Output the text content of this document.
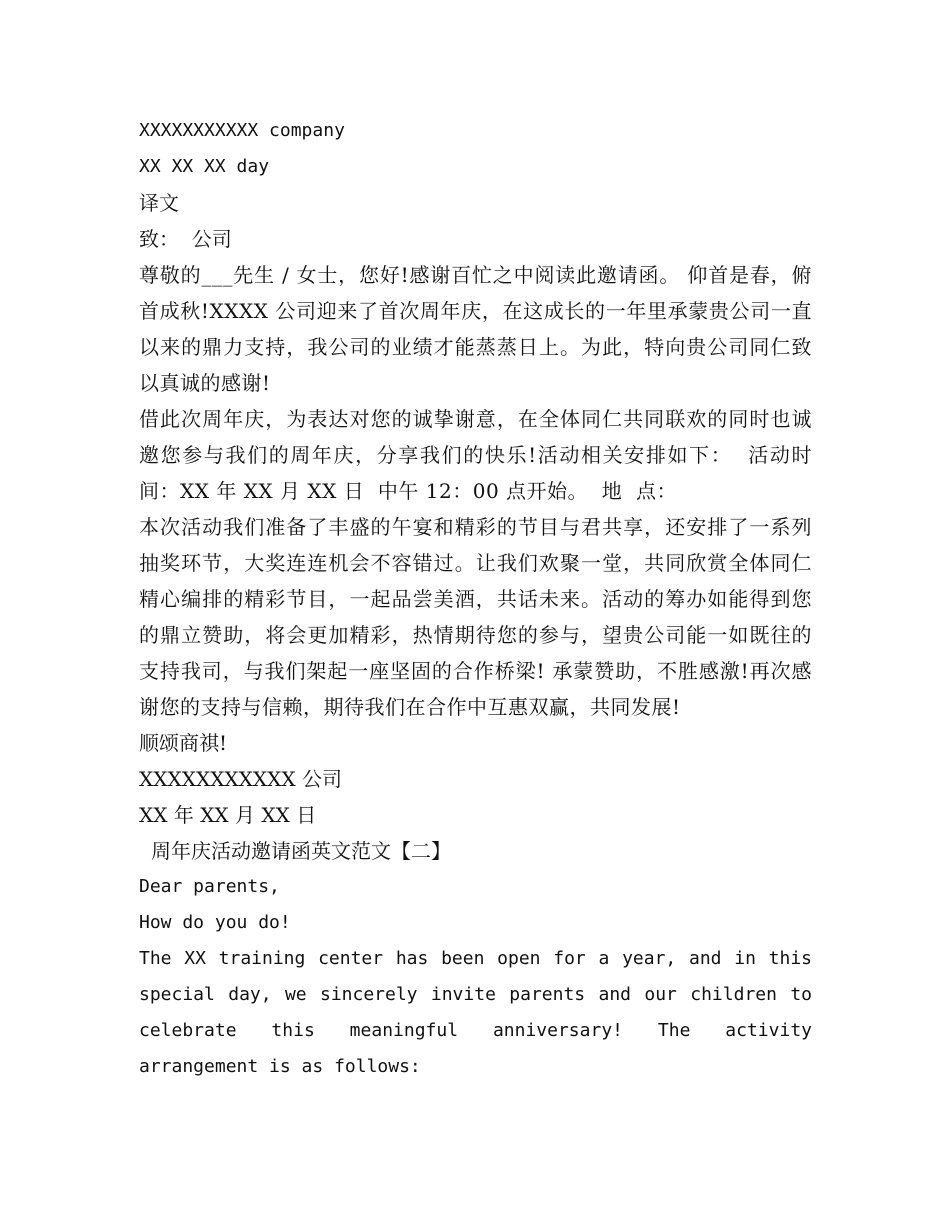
XXXXXXXXXXX company
XX XX XX day
译文
致：  公司
尊敬的___先生 / 女士，您好!感谢百忙之中阅读此邀请函。 仰首是春，俯首成秋!XXXX 公司迎来了首次周年庆，在这成长的一年里承蒙贵公司一直以来的鼎力支持，我公司的业绩才能蒸蒸日上。为此，特向贵公司同仁致以真诚的感谢!
借此次周年庆，为表达对您的诚挚谢意，在全体同仁共同联欢的同时也诚邀您参与我们的周年庆，分享我们的快乐!活动相关安排如下：  活动时间：XX 年 XX 月 XX 日  中午 12：00 点开始。  地  点：
本次活动我们准备了丰盛的午宴和精彩的节目与君共享，还安排了一系列抽奖环节，大奖连连机会不容错过。让我们欢聚一堂，共同欣赏全体同仁精心编排的精彩节目，一起品尝美酒，共话未来。活动的筹办如能得到您的鼎立赞助，将会更加精彩，热情期待您的参与，望贵公司能一如既往的支持我司，与我们架起一座坚固的合作桥梁! 承蒙赞助，不胜感激!再次感谢您的支持与信赖，期待我们在合作中互惠双赢，共同发展!
顺颂商祺!
XXXXXXXXXXX 公司
XX 年 XX 月 XX 日
周年庆活动邀请函英文范文【二】
Dear parents,
How do you do!
The XX training center has been open for a year, and in this special day, we sincerely invite parents and our children to celebrate this meaningful anniversary! The activity arrangement is as follows:
